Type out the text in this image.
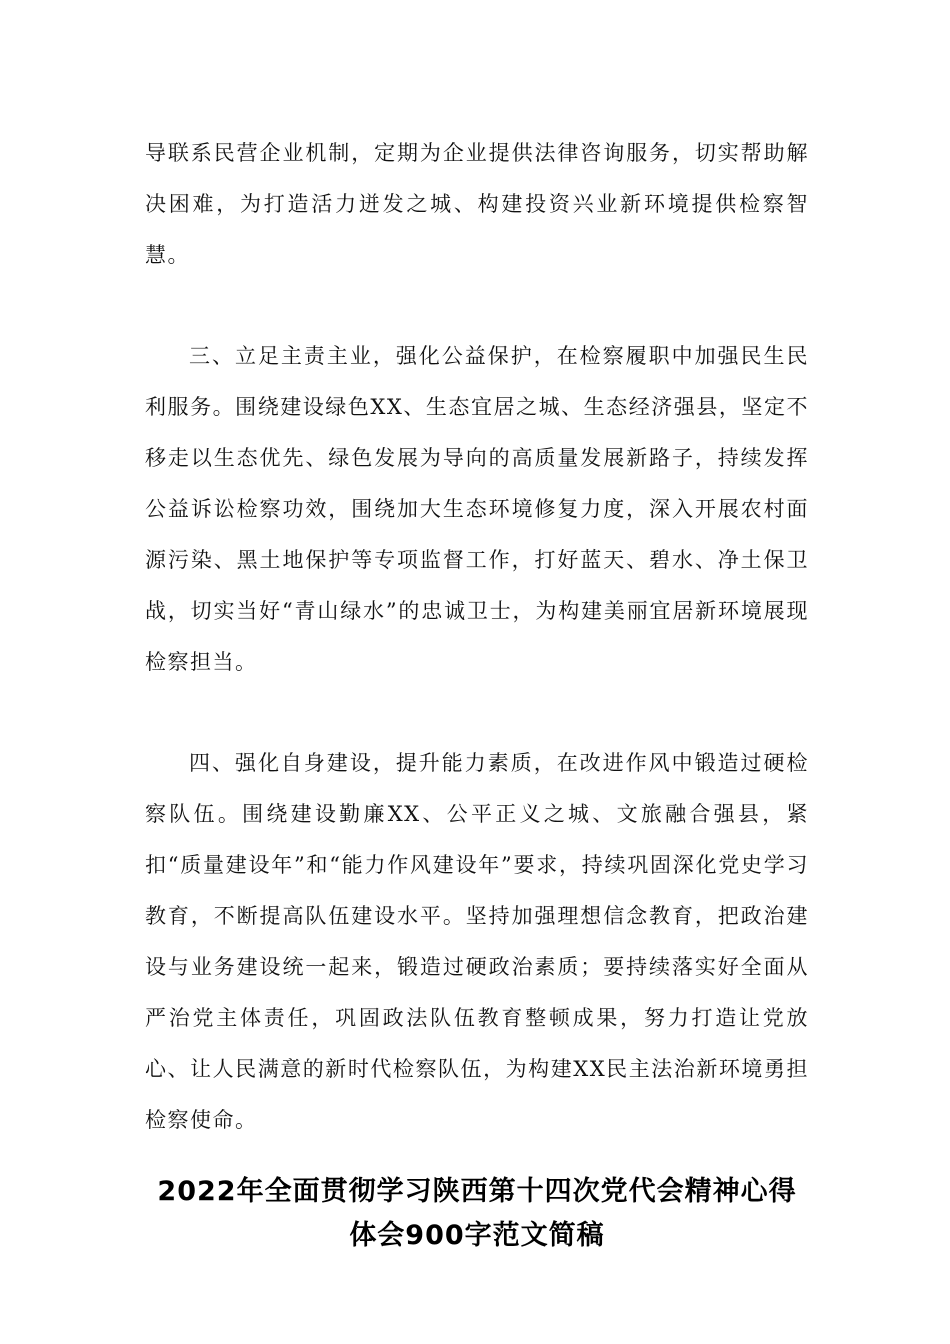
导联系民营企业机制，定期为企业提供法律咨询服务，切实帮助解决困难，为打造活力迸发之城、构建投资兴业新环境提供检察智慧。

三、立足主责主业，强化公益保护，在检察履职中加强民生民利服务。围绕建设绿色XX、生态宜居之城、生态经济强县，坚定不移走以生态优先、绿色发展为导向的高质量发展新路子，持续发挥公益诉讼检察功效，围绕加大生态环境修复力度，深入开展农村面源污染、黑土地保护等专项监督工作，打好蓝天、碧水、净土保卫战，切实当好“青山绿水”的忠诚卫士，为构建美丽宜居新环境展现检察担当。

四、强化自身建设，提升能力素质，在改进作风中锻造过硬检察队伍。围绕建设勤廉XX、公平正义之城、文旅融合强县，紧扣“质量建设年”和“能力作风建设年”要求，持续巩固深化党史学习教育，不断提高队伍建设水平。坚持加强理想信念教育，把政治建设与业务建设统一起来，锻造过硬政治素质；要持续落实好全面从严治党主体责任，巩固政法队伍教育整顿成果，努力打造让党放心、让人民满意的新时代检察队伍，为构建XX民主法治新环境勇担检察使命。

2022年全面贯彻学习陕西第十四次党代会精神心得

体会900字范文简稿
